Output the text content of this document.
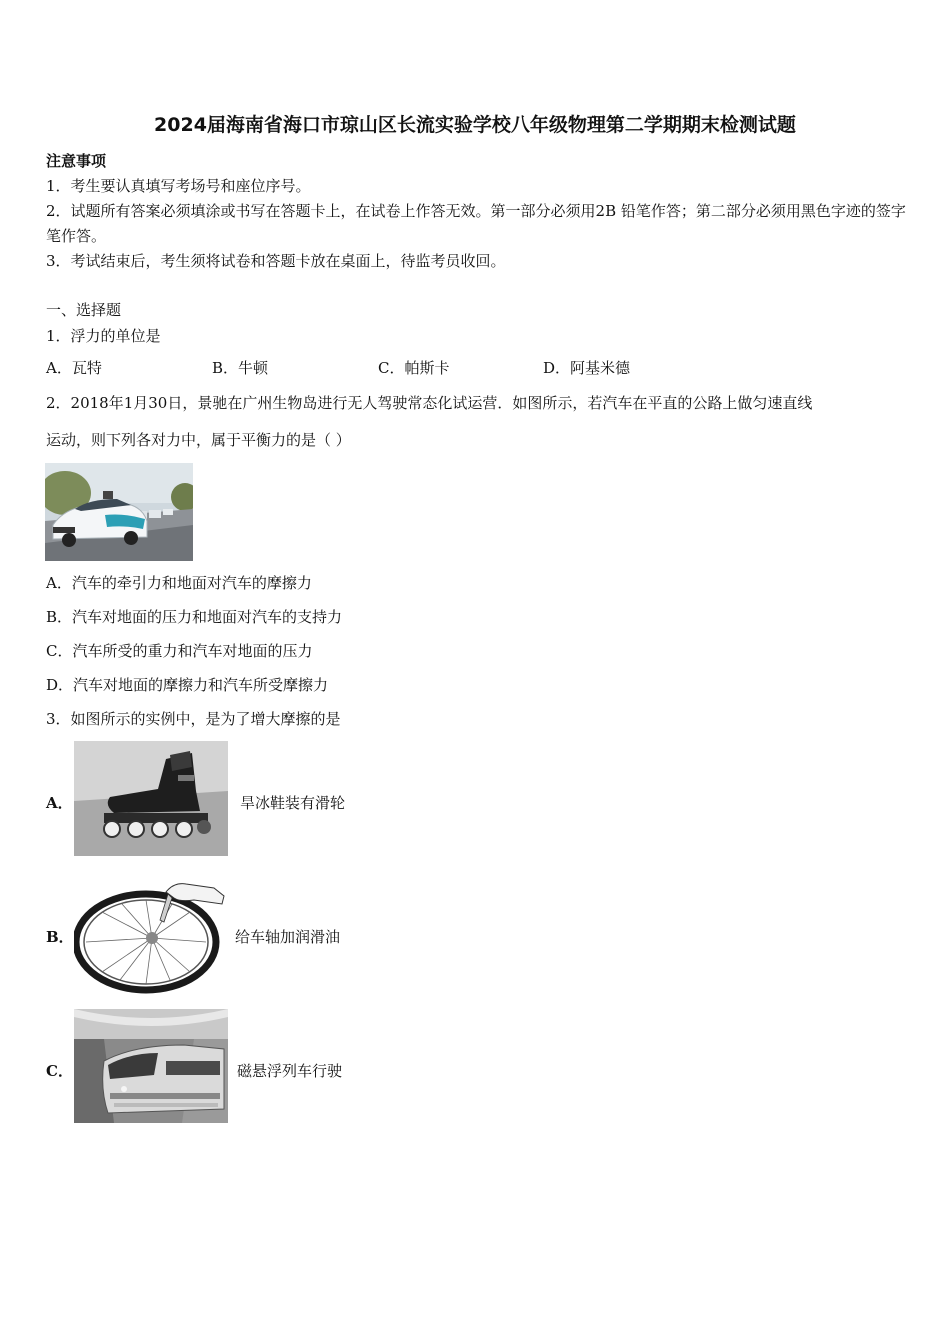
2024届海南省海口市琼山区长流实验学校八年级物理第二学期期末检测试题
注意事项
1．考生要认真填写考场号和座位序号。
2．试题所有答案必须填涂或书写在答题卡上，在试卷上作答无效。第一部分必须用2B 铅笔作答；第二部分必须用黑色字迹的签字笔作答。
3．考试结束后，考生须将试卷和答题卡放在桌面上，待监考员收回。
一、选择题
1．浮力的单位是
A．瓦特	B．牛顿	C．帕斯卡	D．阿基米德
2．2018年1月30日，景驰在广州生物岛进行无人驾驶常态化试运营．如图所示，若汽车在平直的公路上做匀速直线
运动，则下列各对力中，属于平衡力的是（ ）
A．汽车的牵引力和地面对汽车的摩擦力
B．汽车对地面的压力和地面对汽车的支持力
C．汽车所受的重力和汽车对地面的压力
D．汽车对地面的摩擦力和汽车所受摩擦力
3．如图所示的实例中，是为了增大摩擦的是
A．	旱冰鞋装有滑轮
B．	给车轴加润滑油
C．	磁悬浮列车行驶
